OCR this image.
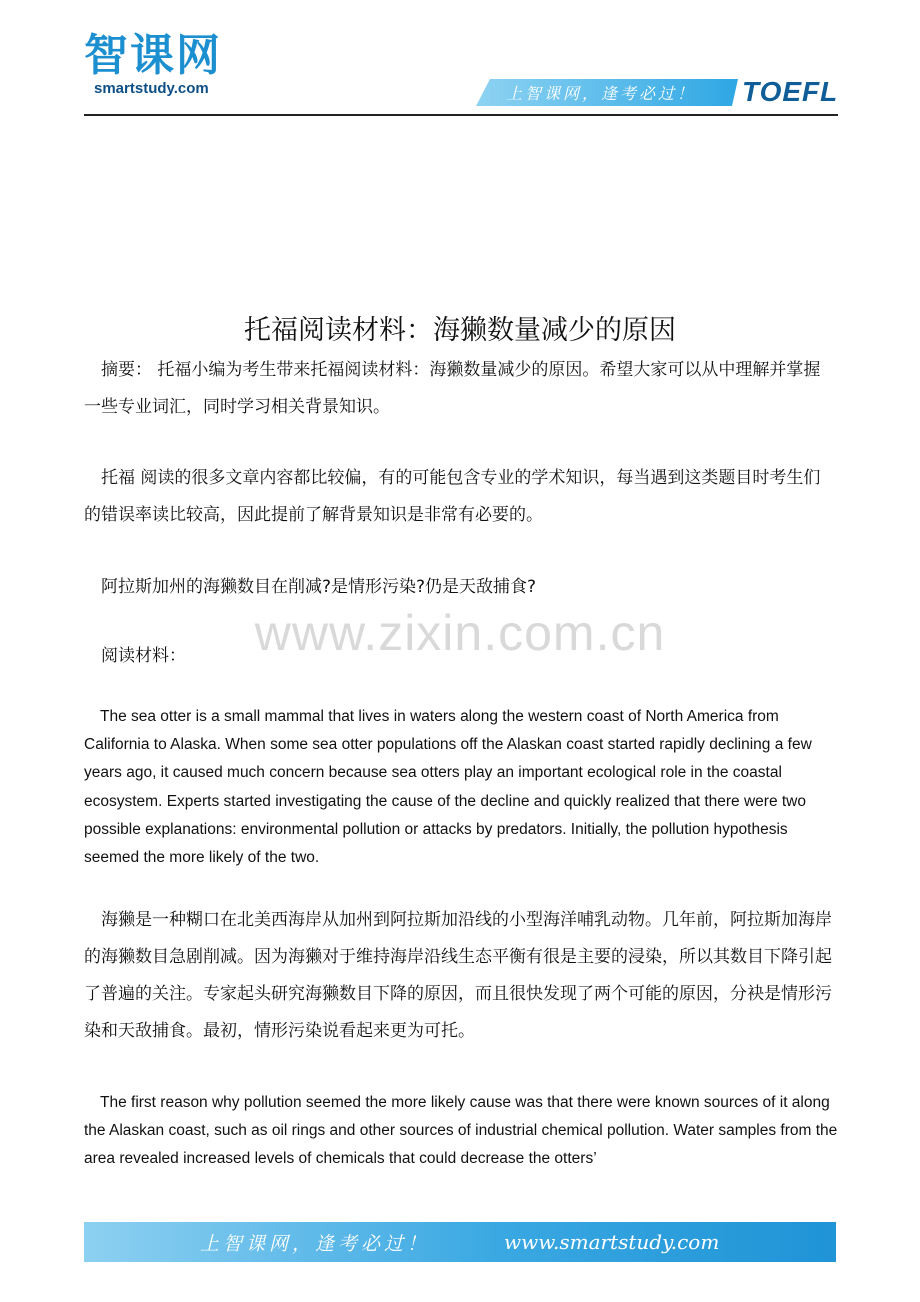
智课网
smartstudy.com	上智课网，逢考必过！ TOEFL
托福阅读材料：海獭数量减少的原因

摘要： 托福小编为考生带来托福阅读材料：海獭数量减少的原因。希望大家可以从中理解并掌握一些专业词汇，同时学习相关背景知识。

托福 阅读的很多文章内容都比较偏，有的可能包含专业的学术知识，每当遇到这类题目时考生们的错误率读比较高，因此提前了解背景知识是非常有必要的。

阿拉斯加州的海獭数目在削减?是情形污染?仍是天敌捕食?

www.zixin.com.cn

阅读材料：

The sea otter is a small mammal that lives in waters along the western coast of North America from California to Alaska. When some sea otter populations off the Alaskan coast started rapidly declining a few years ago, it caused much concern because sea otters play an important ecological role in the coastal ecosystem. Experts started investigating the cause of the decline and quickly realized that there were two possible explanations: environmental pollution or attacks by predators. Initially, the pollution hypothesis seemed the more likely of the two.

海獭是一种糊口在北美西海岸从加州到阿拉斯加沿线的小型海洋哺乳动物。几年前，阿拉斯加海岸的海獭数目急剧削减。因为海獭对于维持海岸沿线生态平衡有很是主要的浸染，所以其数目下降引起了普遍的关注。专家起头研究海獭数目下降的原因，而且很快发现了两个可能的原因，分袂是情形污染和天敌捕食。最初，情形污染说看起来更为可托。

The first reason why pollution seemed the more likely cause was that there were known sources of it along the Alaskan coast, such as oil rings and other sources of industrial chemical pollution. Water samples from the area revealed increased levels of chemicals that could decrease the otters’

上智课网，逢考必过！	www.smartstudy.com
